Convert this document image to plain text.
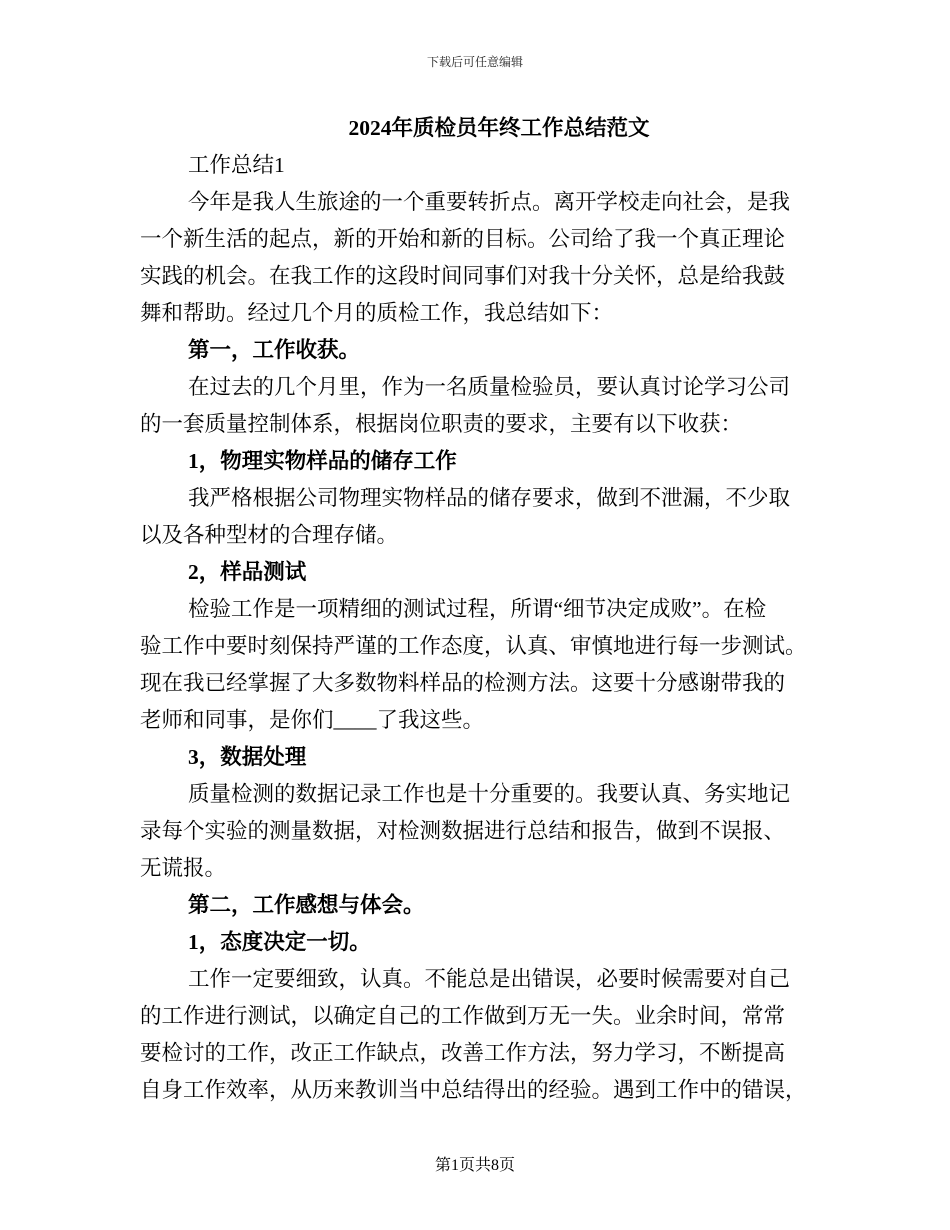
下载后可任意编辑
2024年质检员年终工作总结范文
工作总结1
今年是我人生旅途的一个重要转折点。离开学校走向社会，是我
一个新生活的起点，新的开始和新的目标。公司给了我一个真正理论
实践的机会。在我工作的这段时间同事们对我十分关怀，总是给我鼓
舞和帮助。经过几个月的质检工作，我总结如下：
第一，工作收获。
在过去的几个月里，作为一名质量检验员，要认真讨论学习公司
的一套质量控制体系，根据岗位职责的要求，主要有以下收获：
1，物理实物样品的储存工作
我严格根据公司物理实物样品的储存要求，做到不泄漏，不少取
以及各种型材的合理存储。
2，样品测试
检验工作是一项精细的测试过程，所谓“细节决定成败”。在检
验工作中要时刻保持严谨的工作态度，认真、审慎地进行每一步测试。
现在我已经掌握了大多数物料样品的检测方法。这要十分感谢带我的
老师和同事，是你们____了我这些。
3，数据处理
质量检测的数据记录工作也是十分重要的。我要认真、务实地记
录每个实验的测量数据，对检测数据进行总结和报告，做到不误报、
无谎报。
第二，工作感想与体会。
1，态度决定一切。
工作一定要细致，认真。不能总是出错误，必要时候需要对自己
的工作进行测试，以确定自己的工作做到万无一失。业余时间，常常
要检讨的工作，改正工作缺点，改善工作方法，努力学习，不断提高
自身工作效率，从历来教训当中总结得出的经验。遇到工作中的错误，
第1页共8页
